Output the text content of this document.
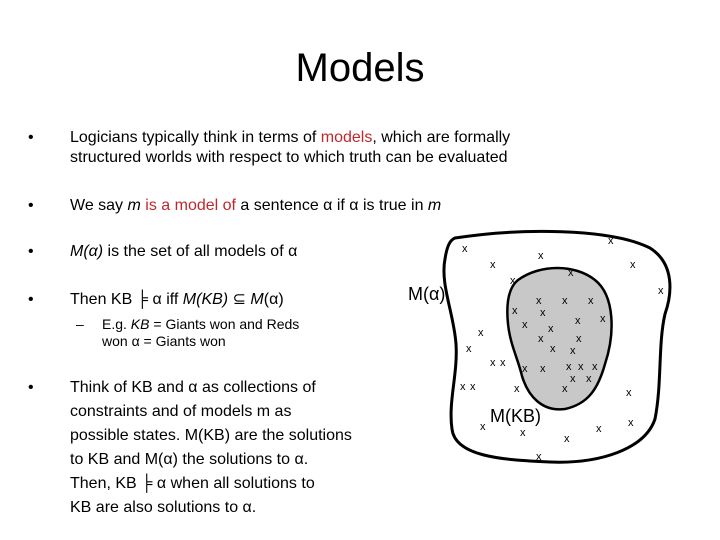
Models
• Logicians typically think in terms of models, which are formally
structured worlds with respect to which truth can be evaluated
• We say m is a model of a sentence α if α is true in m
• M(α) is the set of all models of α
• Then KB ╞ α iff M(KB) ⊆ M(α)
– E.g. KB = Giants won and Reds
won α = Giants won
• Think of KB and α as collections of
constraints and of models m as
possible states. M(KB) are the solutions
to KB and M(α) the solutions to α.
Then, KB ╞ α when all solutions to
KB are also solutions to α.
M(α)
M(KB)
x
x
x
x	x
x
x
x
x x x
x
x
x x
x x
x
x
x	x
x x
x x x x x x x
x x
x x	x	x	x
x	x	x
x x
x
